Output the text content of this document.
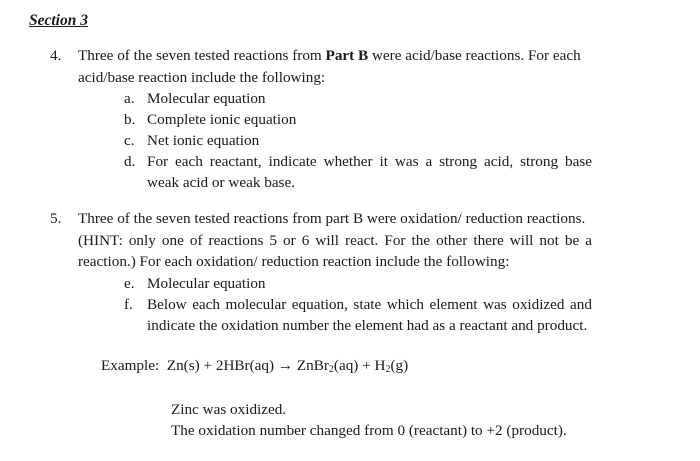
Section 3
4. Three of the seven tested reactions from Part B were acid/base reactions. For each
acid/base reaction include the following:
a. Molecular equation
b. Complete ionic equation
c. Net ionic equation
d. For each reactant, indicate whether it was a strong acid, strong base
weak acid or weak base.
5. Three of the seven tested reactions from part B were oxidation/ reduction reactions.
(HINT: only one of reactions 5 or 6 will react. For the other there will not be a
reaction.) For each oxidation/ reduction reaction include the following:
e. Molecular equation
f. Below each molecular equation, state which element was oxidized and
indicate the oxidation number the element had as a reactant and product.
Example: Zn(s) + 2HBr(aq) → ZnBr$_2$(aq) + $H_2(g)$
Zinc was oxidized.
The oxidation number changed from 0 (reactant) to +2 (product).
